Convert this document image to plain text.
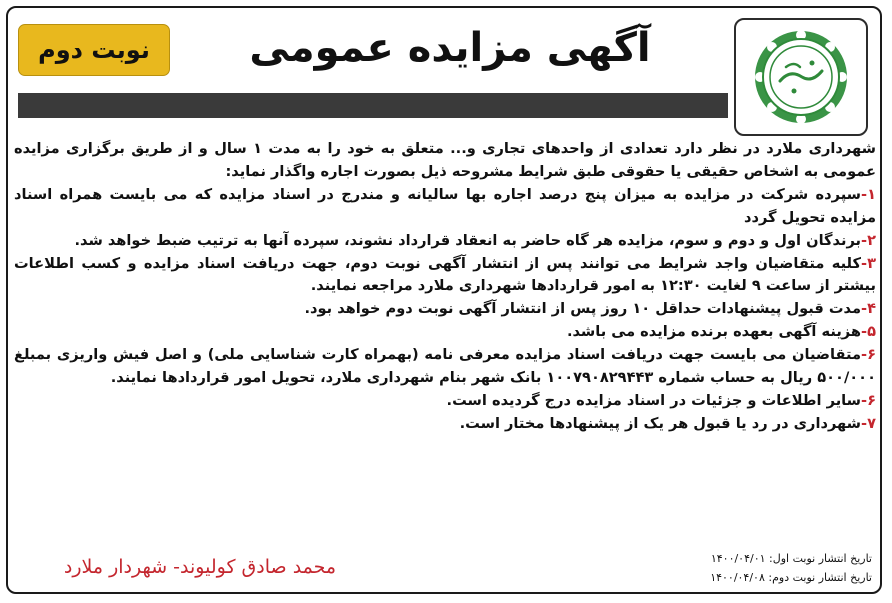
آگهی مزایده عمومی
نوبت دوم

شهرداری ملارد در نظر دارد تعدادی از واحدهای تجاری و... متعلق به خود را به مدت ۱ سال و از طریق برگزاری مزایده عمومی به اشخاص حقیقی یا حقوقی طبق شرایط مشروحه ذیل بصورت اجاره واگذار نماید:

۱-سپرده شرکت در مزایده به میزان پنج درصد اجاره بها سالیانه و مندرج در اسناد مزایده که می بایست همراه اسناد مزایده تحویل گردد

۲-برندگان اول و دوم و سوم، مزایده هر گاه حاضر به انعقاد قرارداد نشوند، سپرده آنها به ترتیب ضبط خواهد شد.

۳-کلیه متقاضیان واجد شرایط می توانند پس از انتشار آگهی نوبت دوم، جهت دریافت اسناد مزایده و کسب اطلاعات بیشتر از ساعت ۹ لغایت ۱۲:۳۰ به امور قراردادها شهرداری ملارد مراجعه نمایند.

۴-مدت قبول پیشنهادات حداقل ۱۰ روز پس از انتشار آگهی نوبت دوم خواهد بود.

۵-هزینه آگهی بعهده برنده مزایده می باشد.

۶-متقاضیان می بایست جهت دریافت اسناد مزایده معرفی نامه (بهمراه کارت شناسایی ملی) و اصل فیش واریزی بمبلغ ۵۰۰/۰۰۰ ریال به حساب شماره ۱۰۰۷۹۰۸۲۹۴۴۳ بانک شهر بنام شهرداری ملارد، تحویل امور قراردادها نمایند.

۶-سایر اطلاعات و جزئیات در اسناد مزایده درج گردیده است.

۷-شهرداری در رد یا قبول هر یک از پیشنهادها مختار است.

تاریخ انتشار نوبت اول: ۱۴۰۰/۰۴/۰۱
تاریخ انتشار نوبت دوم: ۱۴۰۰/۰۴/۰۸
محمد صادق کولیوند- شهردار ملارد
